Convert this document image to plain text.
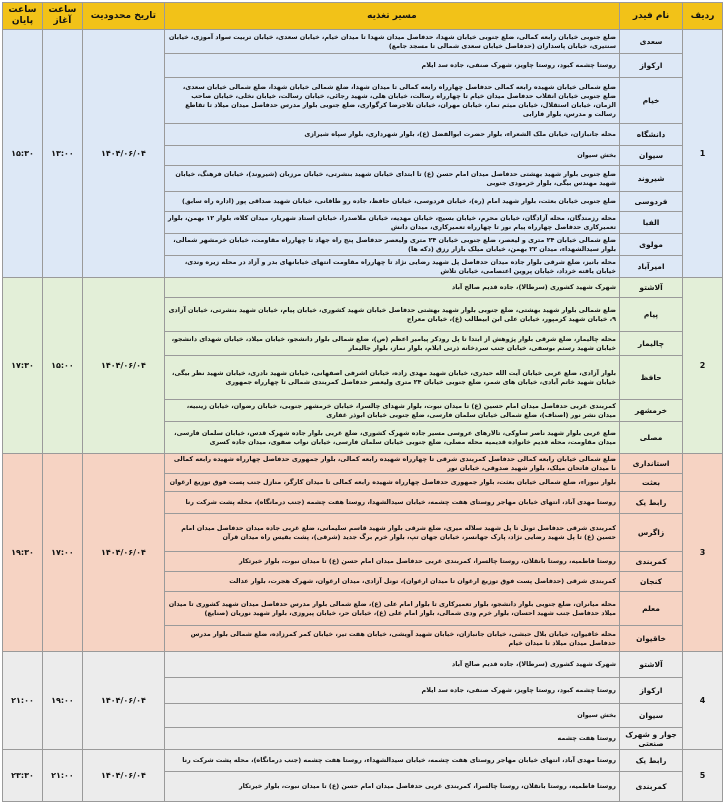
ردیف	نام فیدر	مسیر تغذیه	تاریخ محدودیت	ساعت آغاز	ساعت پایان
1	سعدی	ضلع جنوبی خیابان رابعه کمالی، ضلع جنوبی خیابان شهدا، حدفاصل میدان شهدا تا میدان خیام، خیابان سعدی، خیابان تربیت سواد آموزی، خیابان سنتیری، خیابان پاسداران (حدفاصل خیابان سعدی شمالی تا مسجد جامع)	۱۴۰۴/۰۶/۰۴	۱۳:۰۰	۱۵:۳۰
	ارکواز	روستا چشمه کبود، روستا چاویز، شهرک صنفی، جاده سد ایلام			
	خیام	ضلع شمالی خیابان شهیده رابعه کمالی حدفاصل چهارراه رابعه کمالی تا میدان شهدا، ضلع شمالی خیابان شهدا، ضلع شمالی خیابان سعدی، ضلع جنوبی خیابان انقلاب حدفاصل میدان خیام تا چهارراه رسالت، خیابان هلی، شهید رجائی، خیابان رسالت، خیابان نخلی، خیابان صاحب الزمان، خیابان استقلال، خیابان میثم تمار، خیابان مهران، خیابان تلاجرضا کرگواری، ضلع جنوبی بلوار مدرس حدفاصل میدان میلاد تا تقاطع رسالت و مدرس، بلوار فارابی			
	دانشگاه	محله جانبازان، خیابان ملک الشعراء، بلوار حضرت ابوالفضل (ع)، بلوار شهرداری، بلوار سپاه شیرازی			
	سیوان	بخش سیوان			
	شیروند	ضلع جنوبی بلوار شهید بهشتی حدفاصل میدان امام حسن (ع) تا ابتدای خیابان شهید بنشرتی، خیابان مرزبان (شیروند)، خیابان فرهنگ، خیابان شهید مهندس بیگی، بلوار خرمودی جنوبی			
	فردوسی	ضلع جنوبی خیابان بعثت، بلوار شهید امام (ره)، خیابان فردوسی، خیابان حافظ، جاده رو طاقانی، خیابان شهید صداقی پور (اداره راه سابق)			
	الفبا	محله رزمندگان، محله آزادگان، خیابان محرم، خیابان بسیج، خیابان مهدیه، خیابان ملاصدرا، خیابان استاد شهریار، میدان کلاه، بلوار ۱۲ بهمن، بلوار تعمیرکاری حدفاصل چهارراه پیام نور تا چهارراه تعمیرکاری، میدان دانش			
	مولوی	ضلع شمالی خیابان ۲۴ متری و لیعصر، ضلع جنوبی خیابان ۲۴ متری ولیعصر حدفاصل پنج راه جهاد تا چهارراه مقاومت، خیابان خرمشهر شمالی، بلوار سیدالشهداء، میدان ۲۲ بهمن، خیابان میلک بازار رزق (دکه ها)			
	امیرآباد	محله بانیز، ضلع شرقی بلوار جاده میدان حدفاصل پل شهید رضایی نژاد تا چهارراه مقاومت انتهای خیابانهای بدر و آزاد در محله زیره وندی، خیابان یافته خرداد، خیابان پروین اعتصامی، خیابان تلاش			
2	آلاشتو	شهرک شهید کشوری (سرطالا)، جاده قدیم صالح آباد	۱۴۰۴/۰۶/۰۴	۱۵:۰۰	۱۷:۳۰
	پیام	ضلع شمالی بلوار شهید بهشتی، ضلع جنوبی بلوار شهید بهشتی حدفاصل خیابان شهید کشوری، خیابان پیام، خیابان شهید بنشرتی، خیابان آزادی ۹، خیابان شهید کرمپور، خیابان علی ابن ابیطالب (ع)، خیابان معراج			
	چالیمار	محله چالیمار، ضلع شرقی بلوار پژوهش از ابتدا تا پل رودکر پیامبر اعظم (ص)، ضلع شمالی بلوار دانشجو، خیابان میلاد، خیابان شهدای دانشجو، خیابان شهید رستم بوسفی، خیابان جنب سردخانه ذرتی ابلام، بلوار نماز، بلوار جالیمار			
	حافظ	بلوار آزادی، ضلع غربی خیابان آیت الله حیدری، خیابان شهید مهدی زاده، خیابان اشرفی اصفهانی، خیابان شهید نادری، خیابان شهید نظر بیگی، خیابان شهید خاتم آبادی، خیابان های شمر، ضلع جنوبی خیابان ۲۴ متری ولیعصر حدفاصل کمربندی شمالی تا چهارراه جمهوری			
	خرمشهر	کمربندی غربی حدفاصل میدان امام حسین (ع) تا میدان نبوت، بلوار شهدای چالسرا، خیابان خرمشهر جنوبی، خیابان رضوان، خیابان زینبیه، میدان نشر نور (اصناف)، ضلع شمالی خیابان سلمان فارسی، ضلع جنوبی خیابان ابوذر غفاری			
	مصلی	ضلع غربی بلوار شهید ناصر ساوکی، تالارهای عروسی مسیر جاده شهرک کشوری، ضلع غربی بلوار جاده شهرک قدس، خیابان سلمان فارسی، میدان مقاومت، محله قدیم خانواده قدیمیه محله مصلی، ضلع جنوبی خیابان سلمان فارسی، خیابان نواب صفوی، میدان جاده کسری			
3	استانداری	ضلع شمالی خیابان رابعه کمالی حدفاصل کمربندی شرقی تا چهارراه شهیده رابعه کمالی، بلوار جمهوری حدفاصل چهارراه شهیده رابعه کمالی تا میدان فاتحان میلک، بلوار شهید صدوقی، خیابان نور	۱۴۰۴/۰۶/۰۴	۱۷:۰۰	۱۹:۳۰
	بعثت	بلوار نبوراء، ضلع شمالی خیابان بعثت، بلوار جمهوری حدفاصل چهارراه شهیده رابعه کمالی تا میدان کارگر، منازل جنب پست فوق توزیع ارغوان			
	رابط یک	روستا مهدی آباد، انتهای خیابان مهاجر روستای هفت چشمه، خیابان سیدالشهدا، روستا هفت چشمه (جنب درمانگاه)، محله پشت شرکت رنا			
	زاگرس	کمربندی شرقی حدفاصل تونل تا پل شهید سلاله میری، ضلع شرقی بلوار شهید قاسم سلیمانی، ضلع غربی جاده میدان حدفاصل میدان امام حسین (ع) تا پل شهید رضایی نژاد، پارک جهانسر، خیابان جهان تپ، بلوار خرم برگ جدید (شرقی)، پشت بقیس راه میدان قرآن			
	کمربندی	روستا فاطمیه، روستا بانقلان، روستا چالسرا، کمربندی غربی حدفاصل میدان امام حسن (ع) تا میدان نبوت، بلوار خیرتکار			
	کنجان	کمربندی شرقی (حدفاصل پست فوق توزیع ارغوان تا میدان ارغوان)، تونل آزادی، میدان ارغوان، شهرک هجرت، بلوار عدالت			
	معلم	محله میانران، ضلع جنوبی بلوار دانشجو، بلوار تعمیرکاری تا بلوار امام علی (ع)، ضلع شمالی بلوار مدرس حدفاصل میدان شهید کشوری تا میدان میلاد حدفاصل جنب شهید احسان، بلوار خرم ودی شمالی، بلوار امام علی (ع)، خیابان حر، خیابان پیروزی، بلوار شهید نوریان (صنایع)			
	خاقیوان	محله خاقیوان، خیابان بلال حبشی، خیابان جانبازان، خیابان شهید آویشی، خیابان هفت تیر، خیابان کمر کمرزاده، ضلع شمالی بلوار مدرس حدفاصل میدان میلاد تا میدان خیام			
4	آلاشتو	شهرک شهید کشوری (سرطالا)، جاده قدیم صالح آباد	۱۴۰۴/۰۶/۰۴	۱۹:۰۰	۲۱:۰۰
	ارکواز	روستا چشمه کبود، روستا چاویز، شهرک صنفی، جاده سد ایلام			
	سیوان	بخش سیوان			
	جوار و شهرک صنعتی	روستا هفت چشمه			
5	رابط یک	روستا مهدی آباد، انتهای خیابان مهاجر روستای هفت چشمه، خیابان سیدالشهداء، روستا هفت چشمه (جنب درمانگاه)، محله پشت شرکت رنا	۱۴۰۴/۰۶/۰۴	۲۱:۰۰	۲۳:۳۰
	کمربندی	روستا فاطمیه، روستا بانقلان، روستا چالسرا، کمربندی غربی حدفاصل میدان امام حسن (ع) تا میدان نبوت، بلوار خیرتکار			
